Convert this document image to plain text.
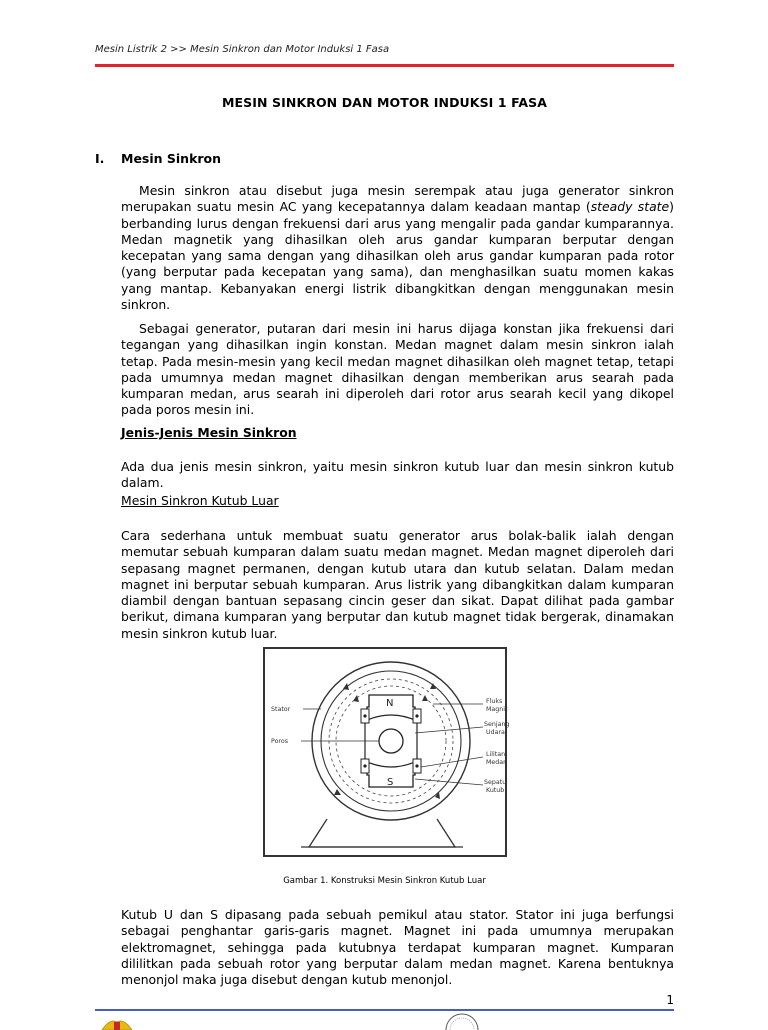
Mesin Listrik 2 >> Mesin Sinkron dan Motor Induksi 1 Fasa
MESIN SINKRON DAN MOTOR INDUKSI 1 FASA
I. Mesin Sinkron

Mesin sinkron atau disebut juga mesin serempak atau juga generator sinkron merupakan suatu mesin AC yang kecepatannya dalam keadaan mantap (steady state) berbanding lurus dengan frekuensi dari arus yang mengalir pada gandar kumparannya. Medan magnetik yang dihasilkan oleh arus gandar kumparan berputar dengan kecepatan yang sama dengan yang dihasilkan oleh arus gandar kumparan pada rotor (yang berputar pada kecepatan yang sama), dan menghasilkan suatu momen kakas yang mantap. Kebanyakan energi listrik dibangkitkan dengan menggunakan mesin sinkron.

Sebagai generator, putaran dari mesin ini harus dijaga konstan jika frekuensi dari tegangan yang dihasilkan ingin konstan. Medan magnet dalam mesin sinkron ialah tetap. Pada mesin-mesin yang kecil medan magnet dihasilkan oleh magnet tetap, tetapi pada umumnya medan magnet dihasilkan dengan memberikan arus searah pada kumparan medan, arus searah ini diperoleh dari rotor arus searah kecil yang dikopel pada poros mesin ini.

Jenis-Jenis Mesin Sinkron

Ada dua jenis mesin sinkron, yaitu mesin sinkron kutub luar dan mesin sinkron kutub dalam.

Mesin Sinkron Kutub Luar

Cara sederhana untuk membuat suatu generator arus bolak-balik ialah dengan memutar sebuah kumparan dalam suatu medan magnet. Medan magnet diperoleh dari sepasang magnet permanen, dengan kutub utara dan kutub selatan. Dalam medan magnet ini berputar sebuah kumparan. Arus listrik yang dibangkitkan dalam kumparan diambil dengan bantuan sepasang cincin geser dan sikat. Dapat dilihat pada gambar berikut, dimana kumparan yang berputar dan kutub magnet tidak bergerak, dinamakan mesin sinkron kutub luar.

N
S
Stator
Poros
Fluks
Magnit
Senjang
Udara
Lilitan
Medan
Sepatu
Kutub
Gambar 1. Konstruksi Mesin Sinkron Kutub Luar

Kutub U dan S dipasang pada sebuah pemikul atau stator. Stator ini juga berfungsi sebagai penghantar garis-garis magnet. Magnet ini pada umumnya merupakan elektromagnet, sehingga pada kutubnya terdapat kumparan magnet. Kumparan dililitkan pada sebuah rotor yang berputar dalam medan magnet. Karena bentuknya menonjol maka juga disebut dengan kutub menonjol.

1
